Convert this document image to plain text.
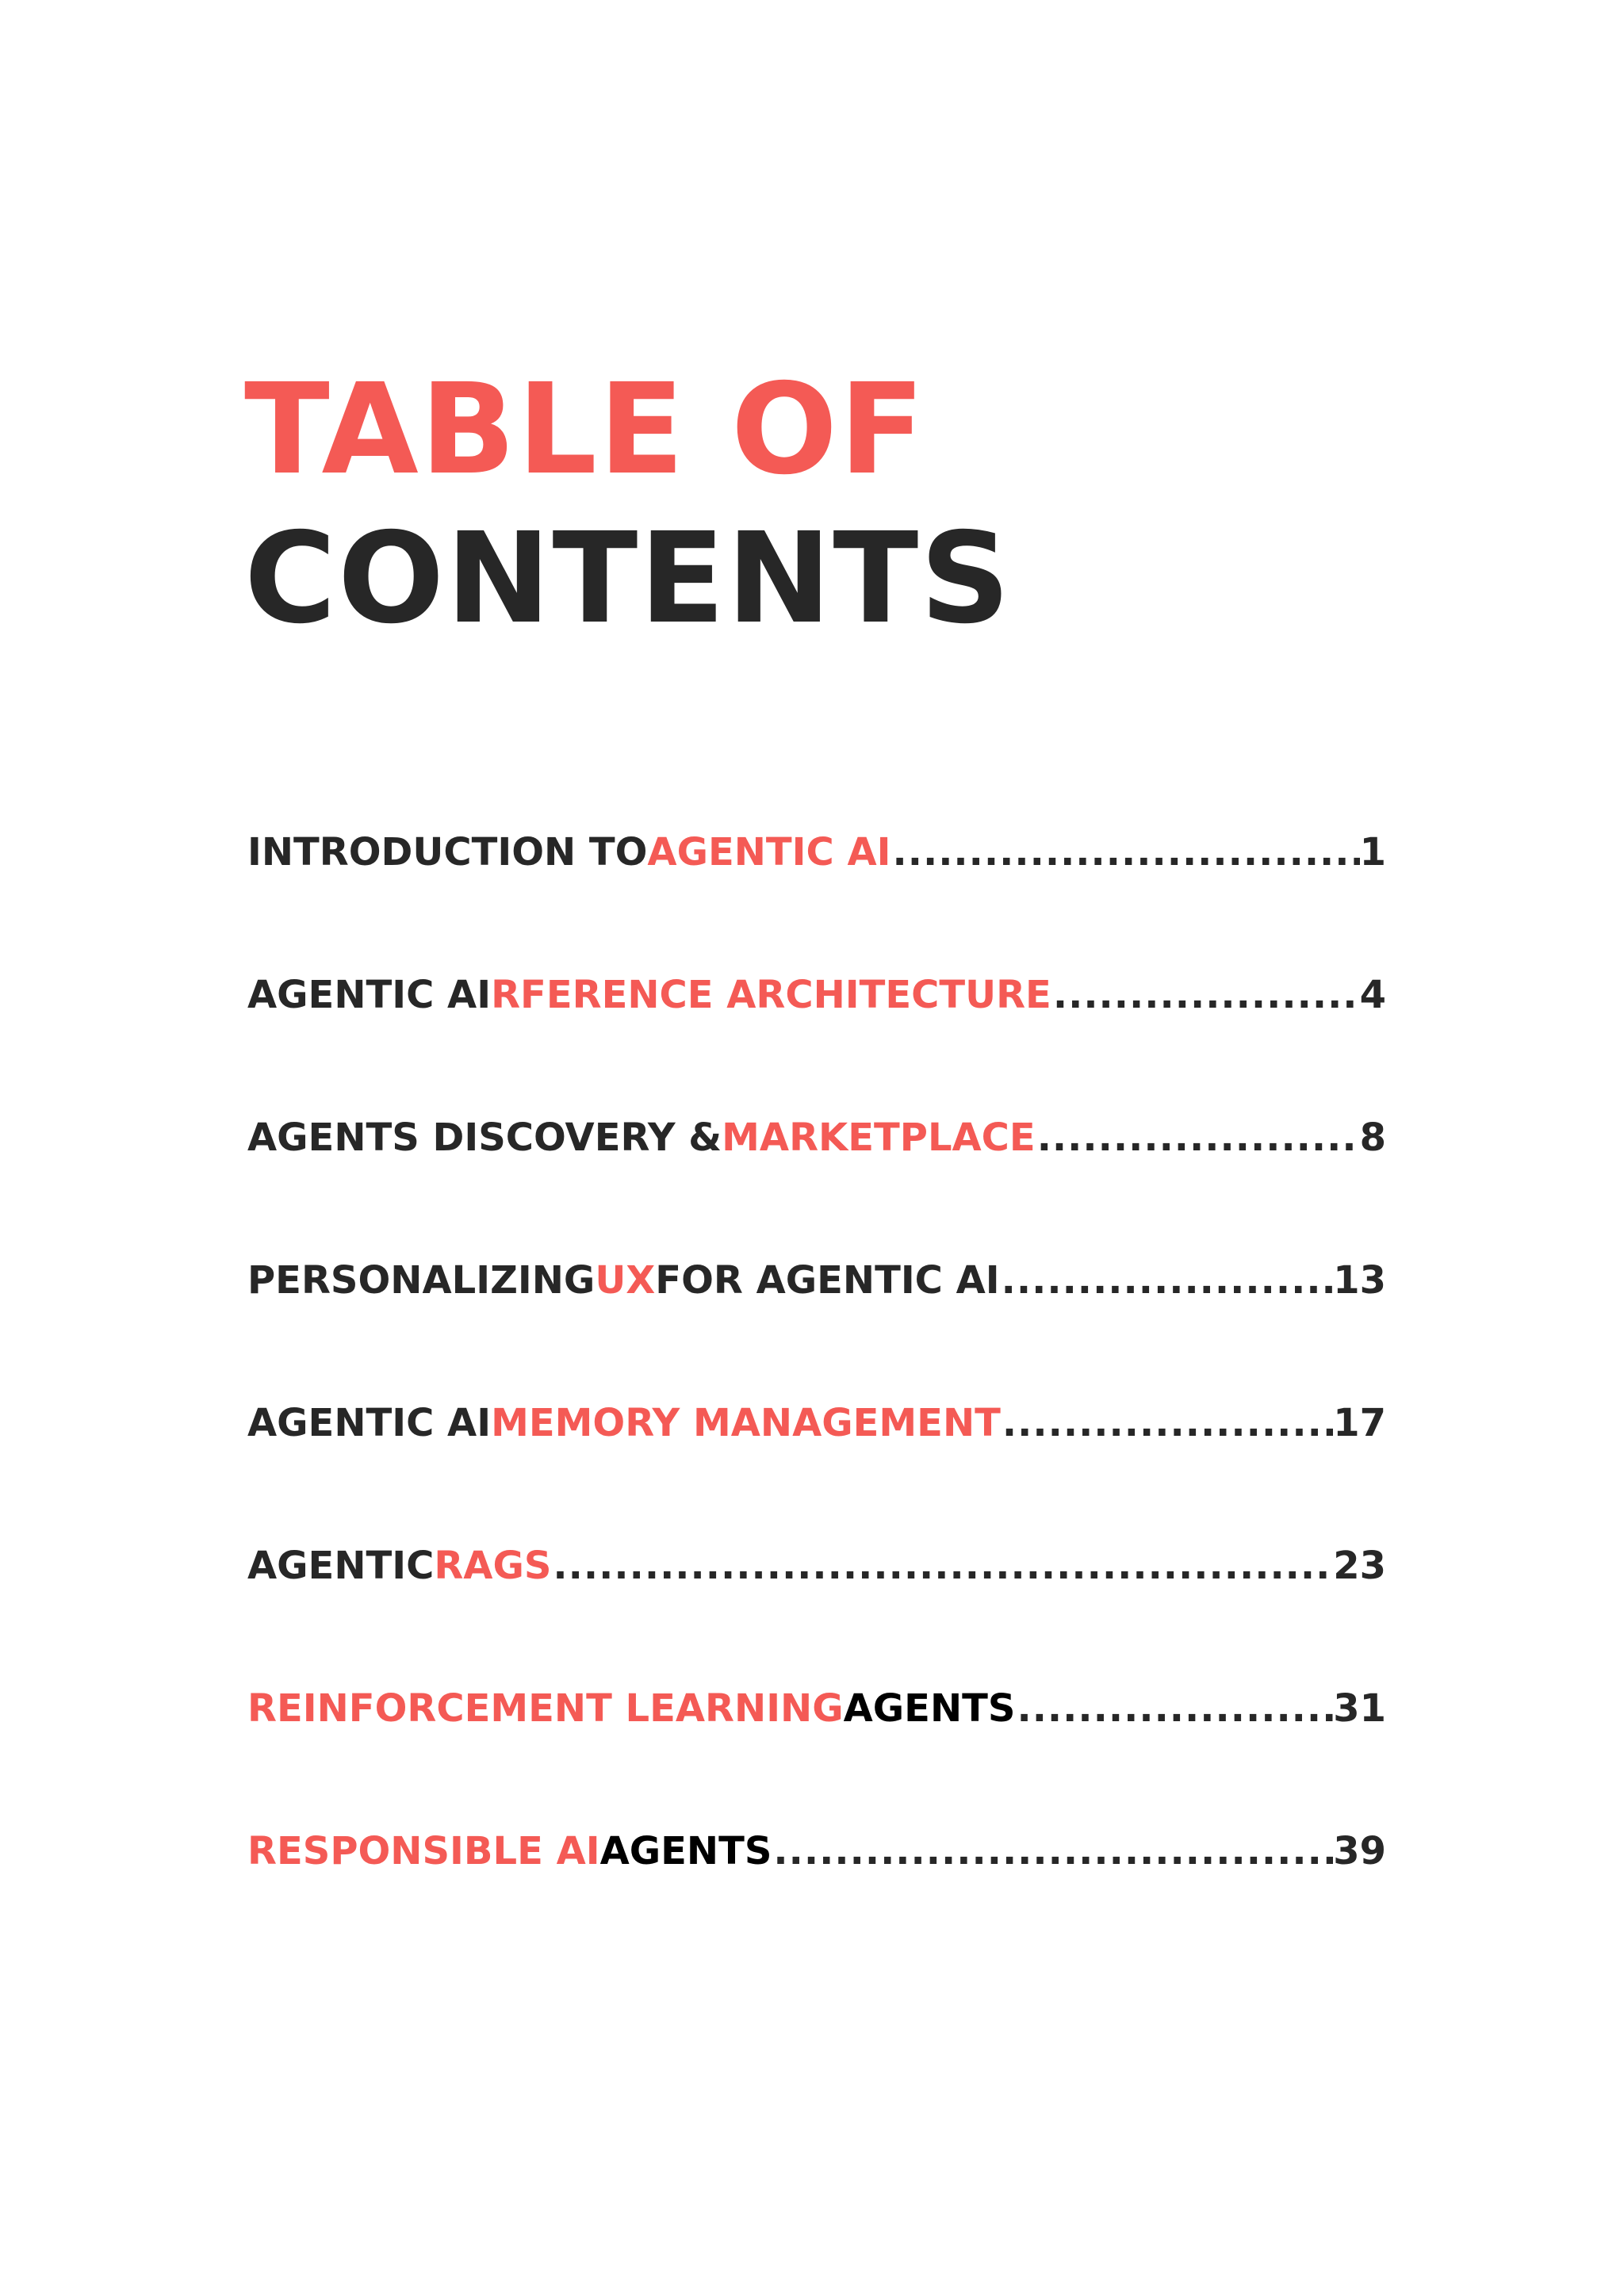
TABLE OF
CONTENTS
INTRODUCTION TO AGENTIC AI .....	1
AGENTIC AI RFERENCE ARCHITECTURE .....	4
AGENTS DISCOVERY & MARKETPLACE .....	8
PERSONALIZING UX FOR AGENTIC AI .....	13
AGENTIC AI MEMORY MANAGEMENT .....	17
AGENTIC RAGS .....	23
REINFORCEMENT LEARNING AGENTS .....	31
RESPONSIBLE AI AGENTS .....	39
